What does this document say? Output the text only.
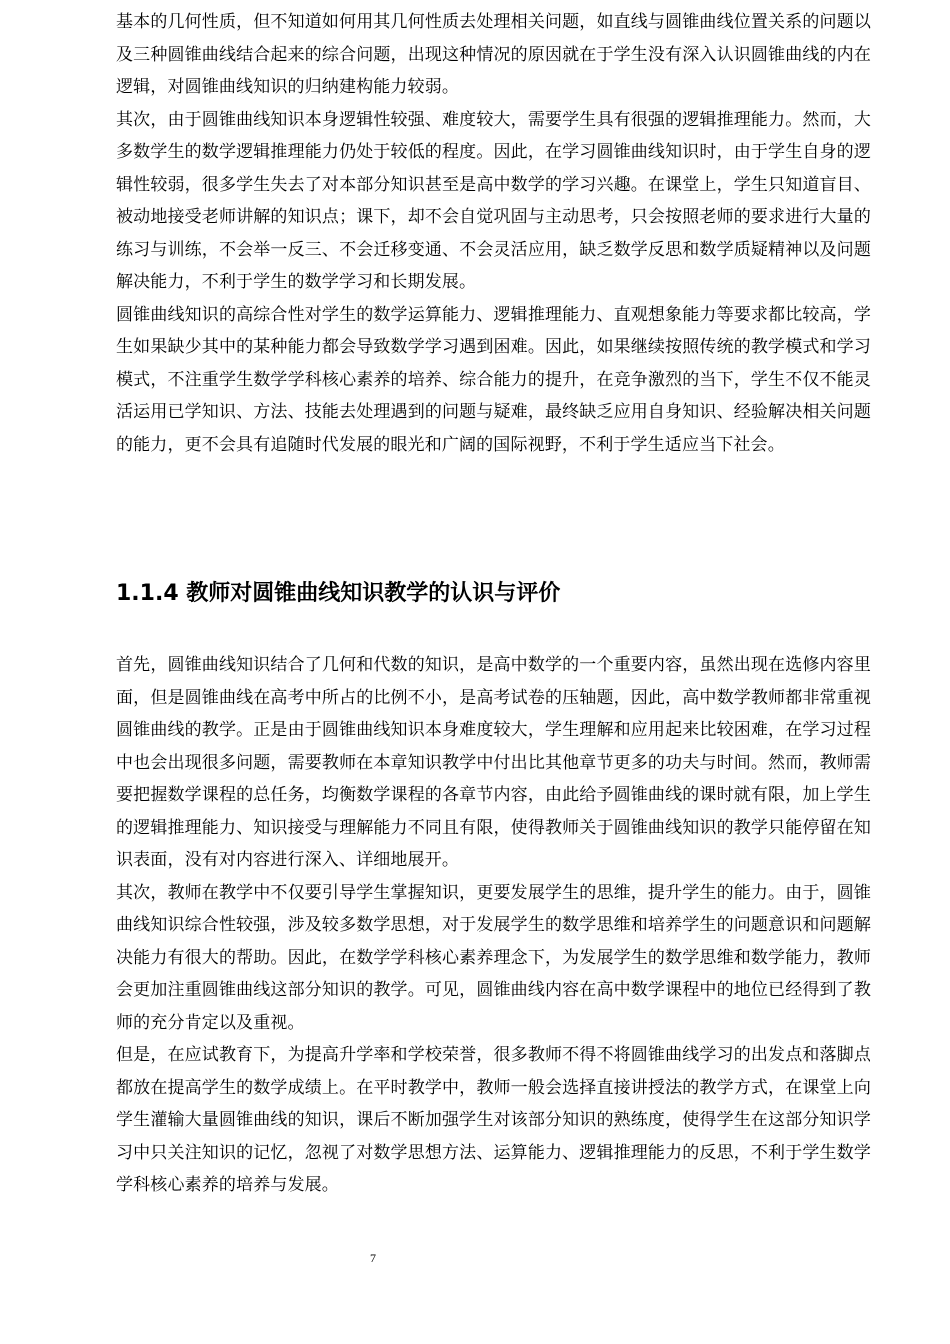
基本的几何性质，但不知道如何用其几何性质去处理相关问题，如直线与圆锥曲线位置关系的问题以及三种圆锥曲线结合起来的综合问题，出现这种情况的原因就在于学生没有深入认识圆锥曲线的内在逻辑，对圆锥曲线知识的归纳建构能力较弱。

其次，由于圆锥曲线知识本身逻辑性较强、难度较大，需要学生具有很强的逻辑推理能力。然而，大多数学生的数学逻辑推理能力仍处于较低的程度。因此，在学习圆锥曲线知识时，由于学生自身的逻辑性较弱，很多学生失去了对本部分知识甚至是高中数学的学习兴趣。在课堂上，学生只知道盲目、被动地接受老师讲解的知识点；课下，却不会自觉巩固与主动思考，只会按照老师的要求进行大量的练习与训练，不会举一反三、不会迁移变通、不会灵活应用，缺乏数学反思和数学质疑精神以及问题解决能力，不利于学生的数学学习和长期发展。

圆锥曲线知识的高综合性对学生的数学运算能力、逻辑推理能力、直观想象能力等要求都比较高，学生如果缺少其中的某种能力都会导致数学学习遇到困难。因此，如果继续按照传统的教学模式和学习模式，不注重学生数学学科核心素养的培养、综合能力的提升，在竞争激烈的当下，学生不仅不能灵活运用已学知识、方法、技能去处理遇到的问题与疑难，最终缺乏应用自身知识、经验解决相关问题的能力，更不会具有追随时代发展的眼光和广阔的国际视野，不利于学生适应当下社会。

1.1.4 教师对圆锥曲线知识教学的认识与评价

首先，圆锥曲线知识结合了几何和代数的知识，是高中数学的一个重要内容，虽然出现在选修内容里面，但是圆锥曲线在高考中所占的比例不小，是高考试卷的压轴题，因此，高中数学教师都非常重视圆锥曲线的教学。正是由于圆锥曲线知识本身难度较大，学生理解和应用起来比较困难，在学习过程中也会出现很多问题，需要教师在本章知识教学中付出比其他章节更多的功夫与时间。然而，教师需要把握数学课程的总任务，均衡数学课程的各章节内容，由此给予圆锥曲线的课时就有限，加上学生的逻辑推理能力、知识接受与理解能力不同且有限，使得教师关于圆锥曲线知识的教学只能停留在知识表面，没有对内容进行深入、详细地展开。

其次，教师在教学中不仅要引导学生掌握知识，更要发展学生的思维，提升学生的能力。由于，圆锥曲线知识综合性较强，涉及较多数学思想，对于发展学生的数学思维和培养学生的问题意识和问题解决能力有很大的帮助。因此，在数学学科核心素养理念下，为发展学生的数学思维和数学能力，教师会更加注重圆锥曲线这部分知识的教学。可见，圆锥曲线内容在高中数学课程中的地位已经得到了教师的充分肯定以及重视。

但是，在应试教育下，为提高升学率和学校荣誉，很多教师不得不将圆锥曲线学习的出发点和落脚点都放在提高学生的数学成绩上。在平时教学中，教师一般会选择直接讲授法的教学方式，在课堂上向学生灌输大量圆锥曲线的知识，课后不断加强学生对该部分知识的熟练度，使得学生在这部分知识学习中只关注知识的记忆，忽视了对数学思想方法、运算能力、逻辑推理能力的反思，不利于学生数学学科核心素养的培养与发展。

7
